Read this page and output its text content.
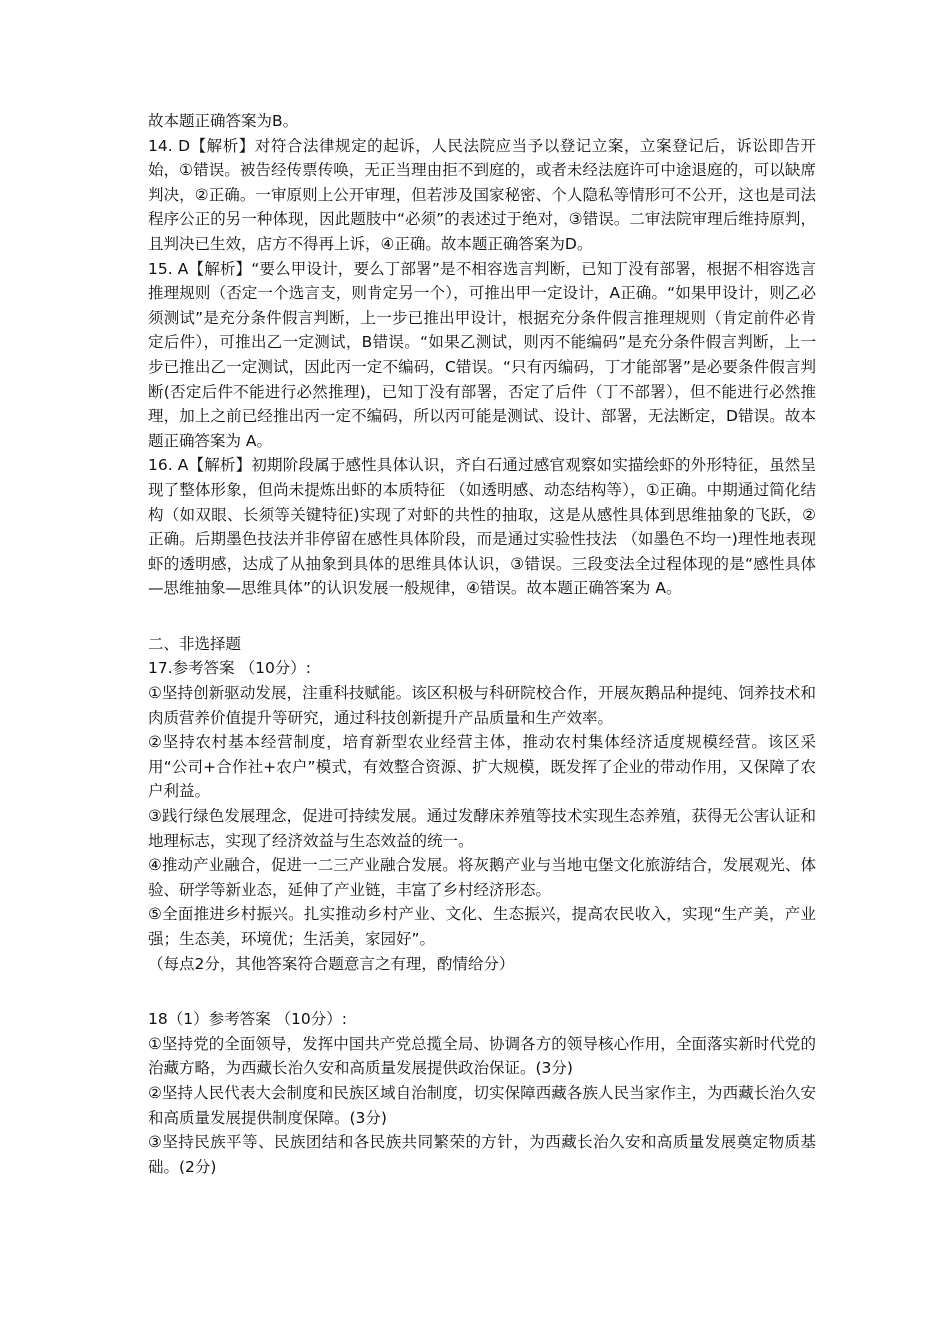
故本题正确答案为B。

14. D【解析】对符合法律规定的起诉，人民法院应当予以登记立案，立案登记后，诉讼即告开始，①错误。被告经传票传唤，无正当理由拒不到庭的，或者未经法庭许可中途退庭的，可以缺席判决，②正确。一审原则上公开审理，但若涉及国家秘密、个人隐私等情形可不公开，这也是司法程序公正的另一种体现，因此题肢中“必须”的表述过于绝对，③错误。二审法院审理后维持原判，且判决已生效，店方不得再上诉，④正确。故本题正确答案为D。

15. A【解析】“要么甲设计，要么丁部署”是不相容选言判断，已知丁没有部署，根据不相容选言推理规则（否定一个选言支，则肯定另一个），可推出甲一定设计，A正确。“如果甲设计，则乙必须测试”是充分条件假言判断，上一步已推出甲设计，根据充分条件假言推理规则（肯定前件必肯定后件），可推出乙一定测试，B错误。“如果乙测试，则丙不能编码”是充分条件假言判断，上一步已推出乙一定测试，因此丙一定不编码，C错误。“只有丙编码，丁才能部署”是必要条件假言判断(否定后件不能进行必然推理)，已知丁没有部署，否定了后件（丁不部署），但不能进行必然推理，加上之前已经推出丙一定不编码，所以丙可能是测试、设计、部署，无法断定，D错误。故本题正确答案为 A。

16. A【解析】初期阶段属于感性具体认识，齐白石通过感官观察如实描绘虾的外形特征，虽然呈现了整体形象，但尚未提炼出虾的本质特征 （如透明感、动态结构等），①正确。中期通过简化结构（如双眼、长须等关键特征)实现了对虾的共性的抽取，这是从感性具体到思维抽象的飞跃，②正确。后期墨色技法并非停留在感性具体阶段，而是通过实验性技法 （如墨色不均一)理性地表现虾的透明感，达成了从抽象到具体的思维具体认识，③错误。三段变法全过程体现的是“感性具体—思维抽象—思维具体”的认识发展一般规律，④错误。故本题正确答案为 A。

二、非选择题

17.参考答案 （10分）:

①坚持创新驱动发展，注重科技赋能。该区积极与科研院校合作，开展灰鹅品种提纯、饲养技术和肉质营养价值提升等研究，通过科技创新提升产品质量和生产效率。

②坚持农村基本经营制度，培育新型农业经营主体，推动农村集体经济适度规模经营。该区采用“公司+合作社+农户”模式，有效整合资源、扩大规模，既发挥了企业的带动作用，又保障了农户利益。

③践行绿色发展理念，促进可持续发展。通过发酵床养殖等技术实现生态养殖，获得无公害认证和地理标志，实现了经济效益与生态效益的统一。

④推动产业融合，促进一二三产业融合发展。将灰鹅产业与当地屯堡文化旅游结合，发展观光、体验、研学等新业态，延伸了产业链，丰富了乡村经济形态。

⑤全面推进乡村振兴。扎实推动乡村产业、文化、生态振兴，提高农民收入，实现“生产美，产业强；生态美，环境优；生活美，家园好”。

（每点2分，其他答案符合题意言之有理，酌情给分）

18（1）参考答案 （10分）:

①坚持党的全面领导，发挥中国共产党总揽全局、协调各方的领导核心作用，全面落实新时代党的治藏方略，为西藏长治久安和高质量发展提供政治保证。(3分)

②坚持人民代表大会制度和民族区域自治制度，切实保障西藏各族人民当家作主，为西藏长治久安和高质量发展提供制度保障。(3分)

③坚持民族平等、民族团结和各民族共同繁荣的方针，为西藏长治久安和高质量发展奠定物质基础。(2分)
